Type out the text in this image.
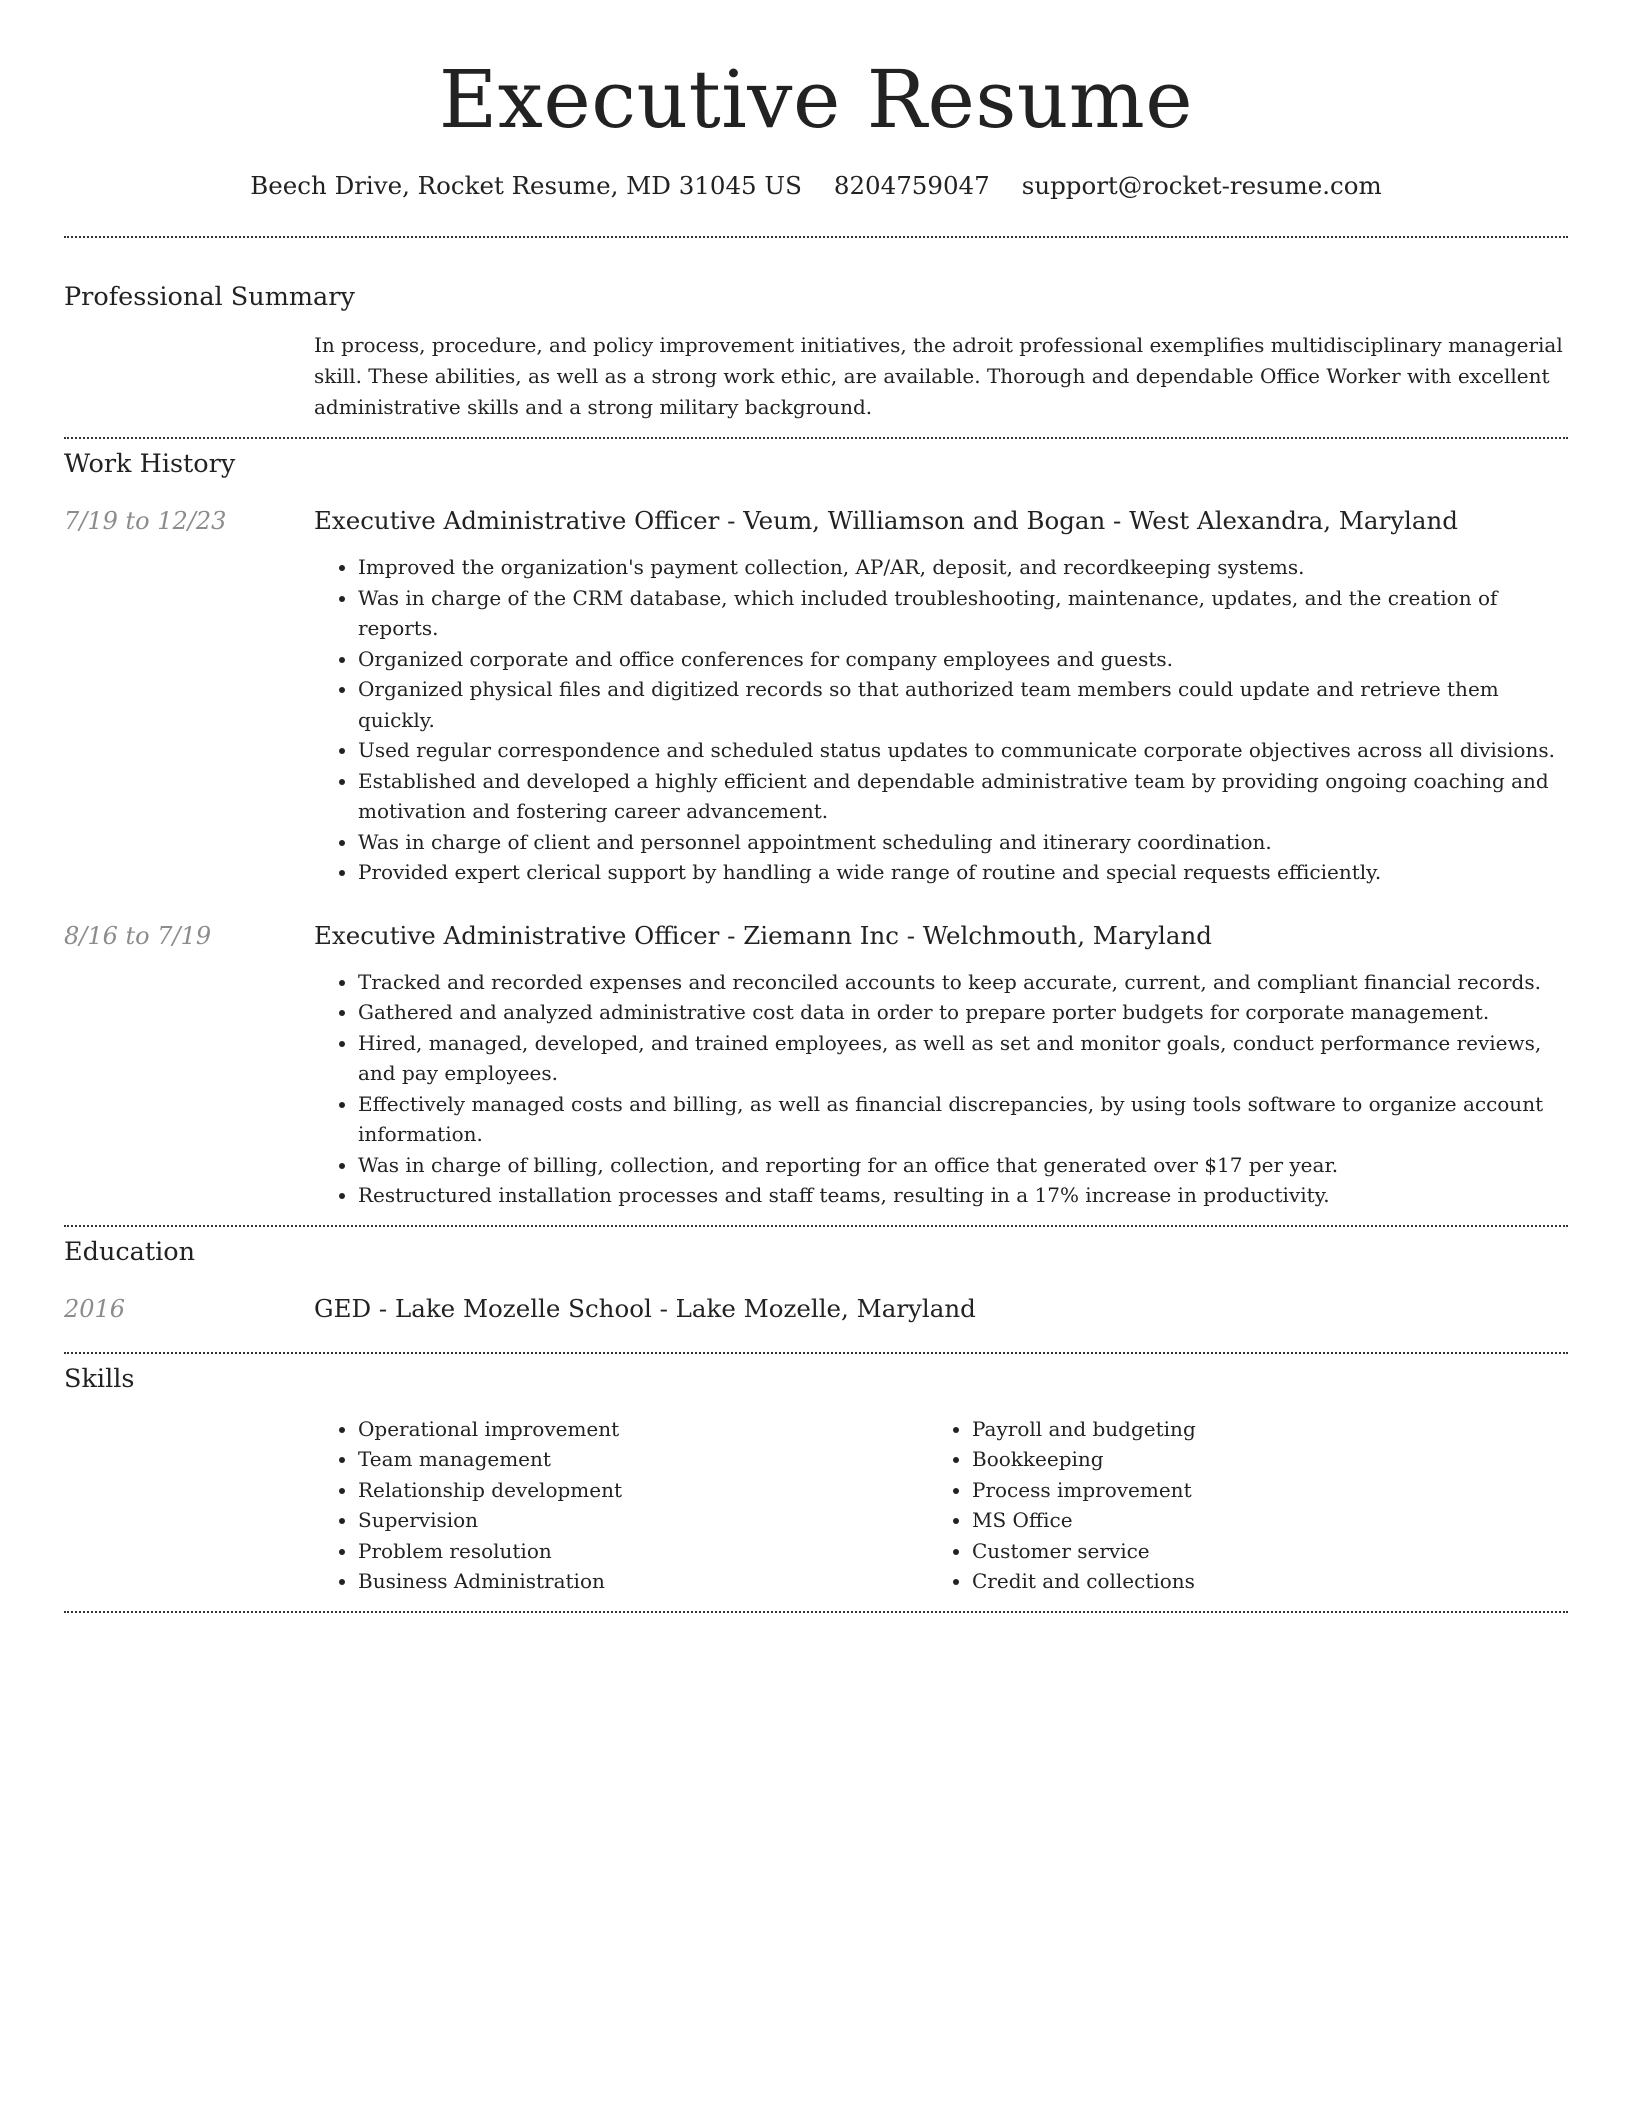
Executive Resume
Beech Drive, Rocket Resume, MD 31045 US 8204759047 support@rocket-resume.com
Professional Summary
In process, procedure, and policy improvement initiatives, the adroit professional exemplifies multidisciplinary managerial skill. These abilities, as well as a strong work ethic, are available. Thorough and dependable Office Worker with excellent administrative skills and a strong military background.
Work History
7/19 to 12/23	Executive Administrative Officer - Veum, Williamson and Bogan - West Alexandra, Maryland
• Improved the organization's payment collection, AP/AR, deposit, and recordkeeping systems.
• Was in charge of the CRM database, which included troubleshooting, maintenance, updates, and the creation of reports.
• Organized corporate and office conferences for company employees and guests.
• Organized physical files and digitized records so that authorized team members could update and retrieve them quickly.
• Used regular correspondence and scheduled status updates to communicate corporate objectives across all divisions.
• Established and developed a highly efficient and dependable administrative team by providing ongoing coaching and motivation and fostering career advancement.
• Was in charge of client and personnel appointment scheduling and itinerary coordination.
• Provided expert clerical support by handling a wide range of routine and special requests efficiently.
8/16 to 7/19	Executive Administrative Officer - Ziemann Inc - Welchmouth, Maryland
• Tracked and recorded expenses and reconciled accounts to keep accurate, current, and compliant financial records.
• Gathered and analyzed administrative cost data in order to prepare porter budgets for corporate management.
• Hired, managed, developed, and trained employees, as well as set and monitor goals, conduct performance reviews, and pay employees.
• Effectively managed costs and billing, as well as financial discrepancies, by using tools software to organize account information.
• Was in charge of billing, collection, and reporting for an office that generated over $17 per year.
• Restructured installation processes and staff teams, resulting in a 17% increase in productivity.
Education
2016	GED - Lake Mozelle School - Lake Mozelle, Maryland
Skills
• Operational improvement
• Team management
• Relationship development
• Supervision
• Problem resolution
• Business Administration
• Payroll and budgeting
• Bookkeeping
• Process improvement
• MS Office
• Customer service
• Credit and collections
